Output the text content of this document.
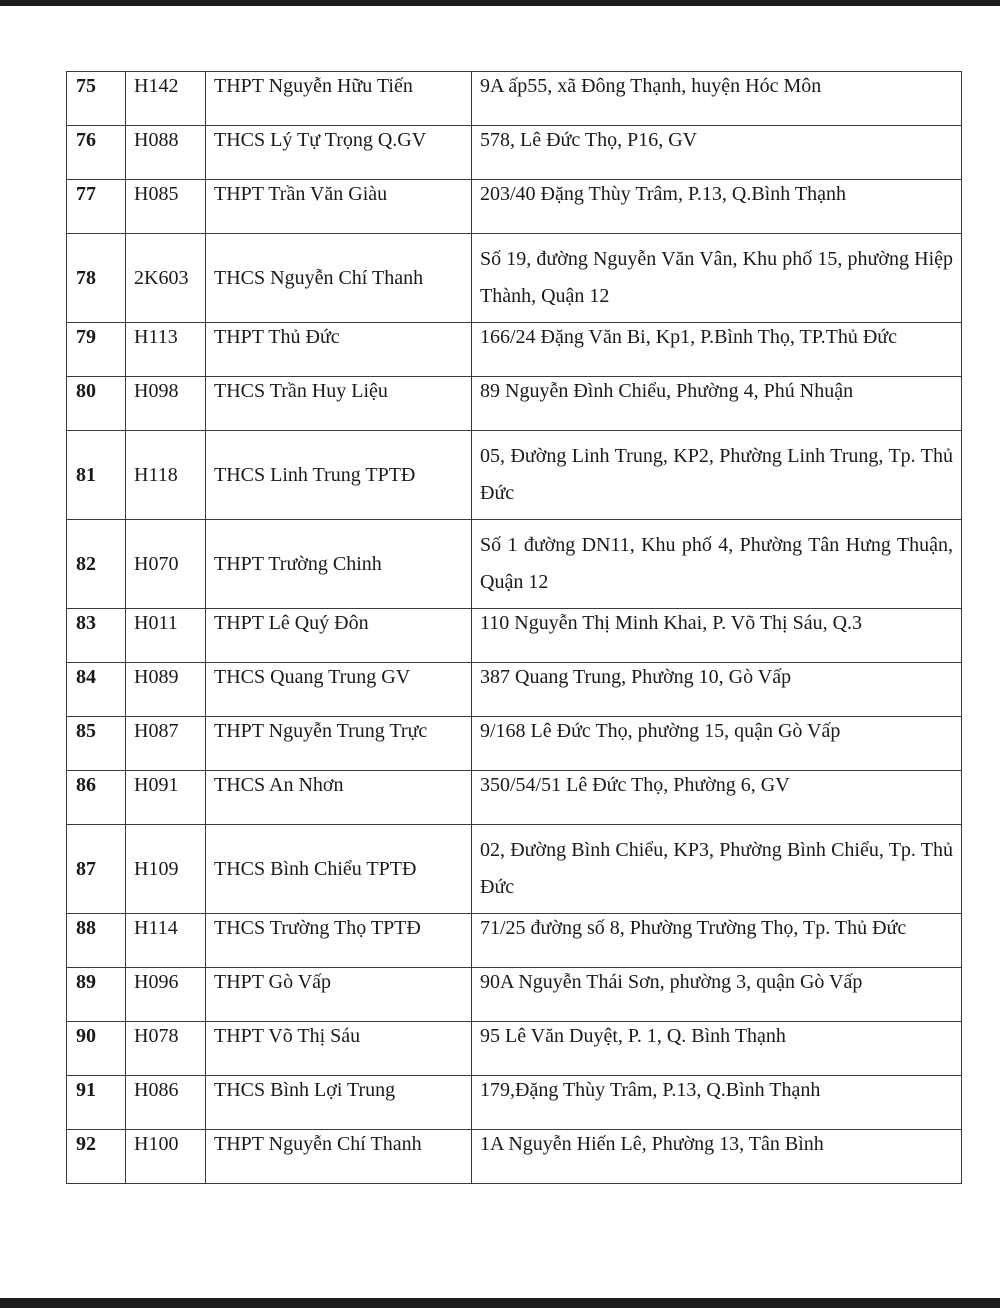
75	H142	THPT Nguyễn Hữu Tiến	9A ấp55, xã Đông Thạnh, huyện Hóc Môn
76	H088	THCS Lý Tự Trọng Q.GV	578, Lê Đức Thọ, P16, GV
77	H085	THPT Trần Văn Giàu	203/40 Đặng Thùy Trâm, P.13, Q.Bình Thạnh
78	2K603	THCS Nguyễn Chí Thanh	Số 19, đường Nguyễn Văn Vân, Khu phố 15, phường Hiệp Thành, Quận 12
79	H113	THPT Thủ Đức	166/24 Đặng Văn Bi, Kp1, P.Bình Thọ, TP.Thủ Đức
80	H098	THCS Trần Huy Liệu	89 Nguyễn Đình Chiểu, Phường 4, Phú Nhuận
81	H118	THCS Linh Trung TPTĐ	05, Đường Linh Trung, KP2, Phường Linh Trung, Tp. Thủ Đức
82	H070	THPT Trường Chinh	Số 1 đường DN11, Khu phố 4, Phường Tân Hưng Thuận, Quận 12
83	H011	THPT Lê Quý Đôn	110 Nguyễn Thị Minh Khai, P. Võ Thị Sáu, Q.3
84	H089	THCS Quang Trung GV	387 Quang Trung, Phường 10, Gò Vấp
85	H087	THPT Nguyễn Trung Trực	9/168 Lê Đức Thọ, phường 15, quận Gò Vấp
86	H091	THCS An Nhơn	350/54/51 Lê Đức Thọ, Phường 6, GV
87	H109	THCS Bình Chiểu TPTĐ	02, Đường Bình Chiểu, KP3, Phường Bình Chiểu, Tp. Thủ Đức
88	H114	THCS Trường Thọ TPTĐ	71/25 đường số 8, Phường Trường Thọ, Tp. Thủ Đức
89	H096	THPT Gò Vấp	90A Nguyễn Thái Sơn, phường 3, quận Gò Vấp
90	H078	THPT Võ Thị Sáu	95 Lê Văn Duyệt, P. 1, Q. Bình Thạnh
91	H086	THCS Bình Lợi Trung	179,Đặng Thùy Trâm, P.13, Q.Bình Thạnh
92	H100	THPT Nguyễn Chí Thanh	1A Nguyễn Hiến Lê, Phường 13, Tân Bình
